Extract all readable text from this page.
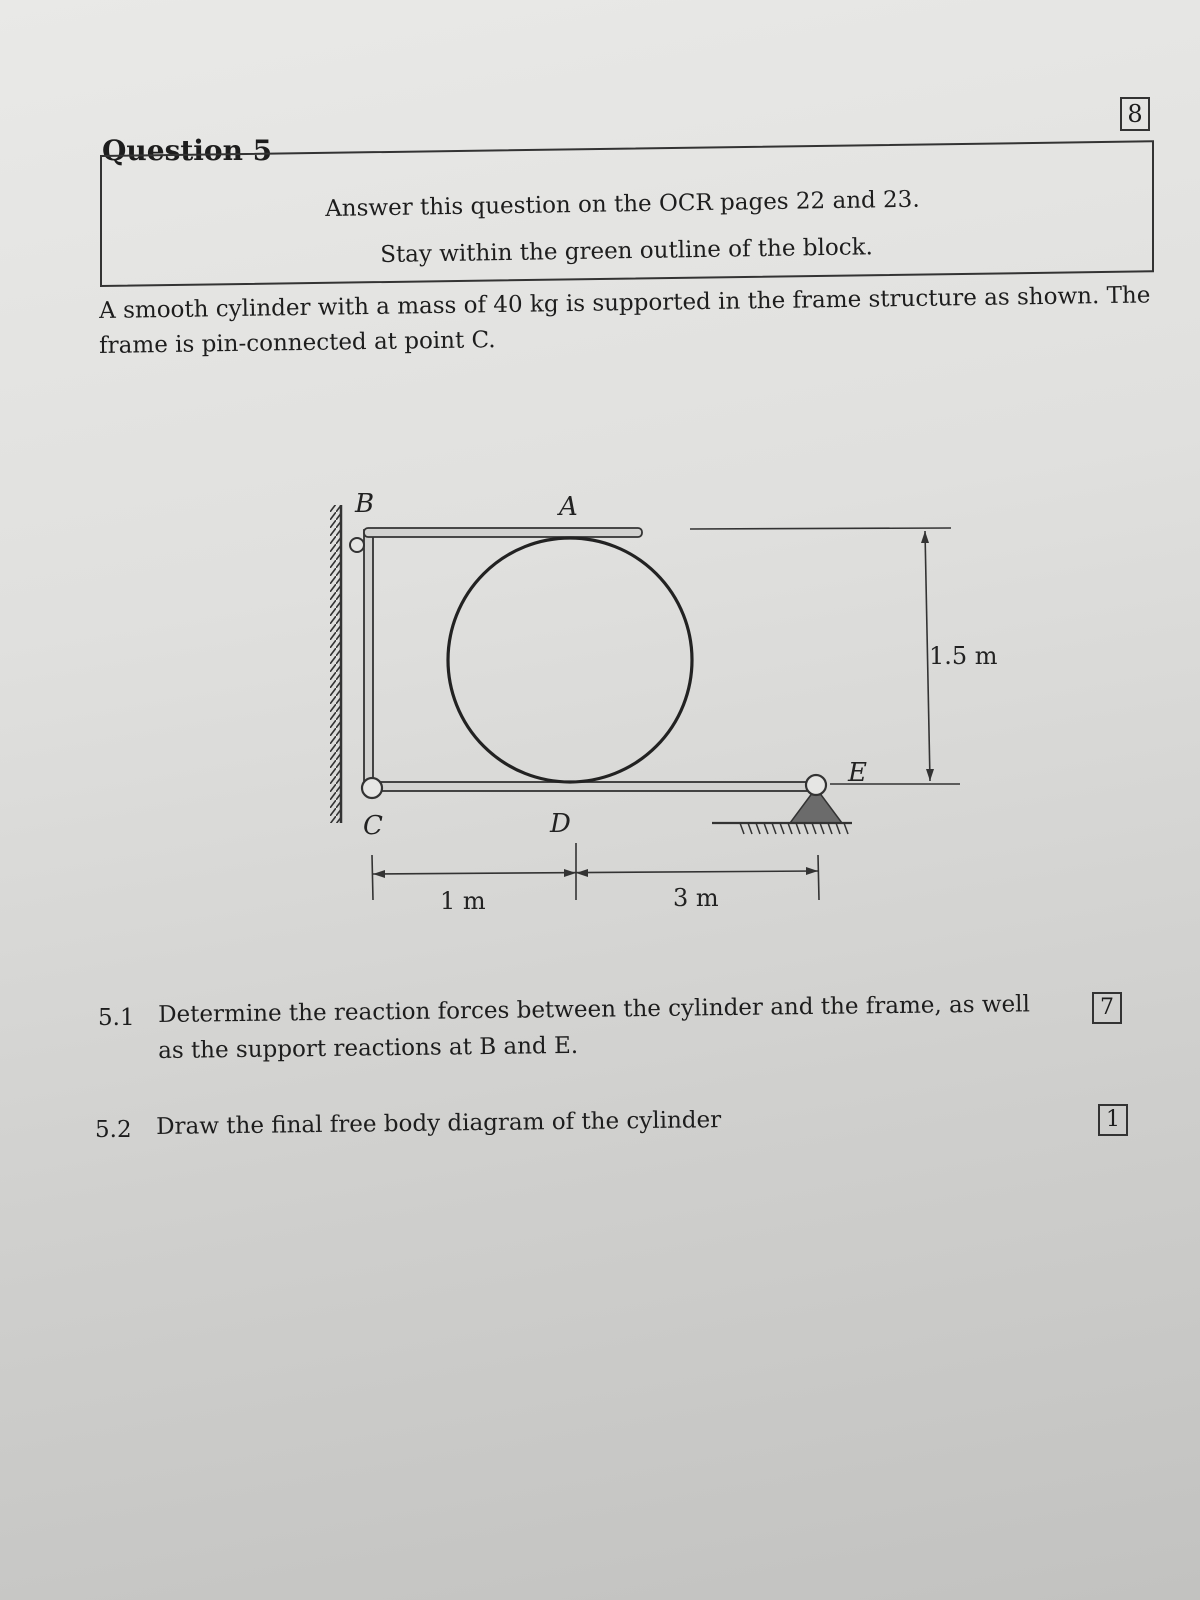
Question 5
8
Answer this question on the OCR pages 22 and 23.
Stay within the green outline of the block.
A smooth cylinder with a mass of 40 kg is supported in the frame structure as shown. The
frame is pin-connected at point C.
B	A
C	D
E
1 m	3 m
1.5 m
5.1 Determine the reaction forces between the cylinder and the frame, as well
as the support reactions at B and E.
7
5.2 Draw the final free body diagram of the cylinder	1
